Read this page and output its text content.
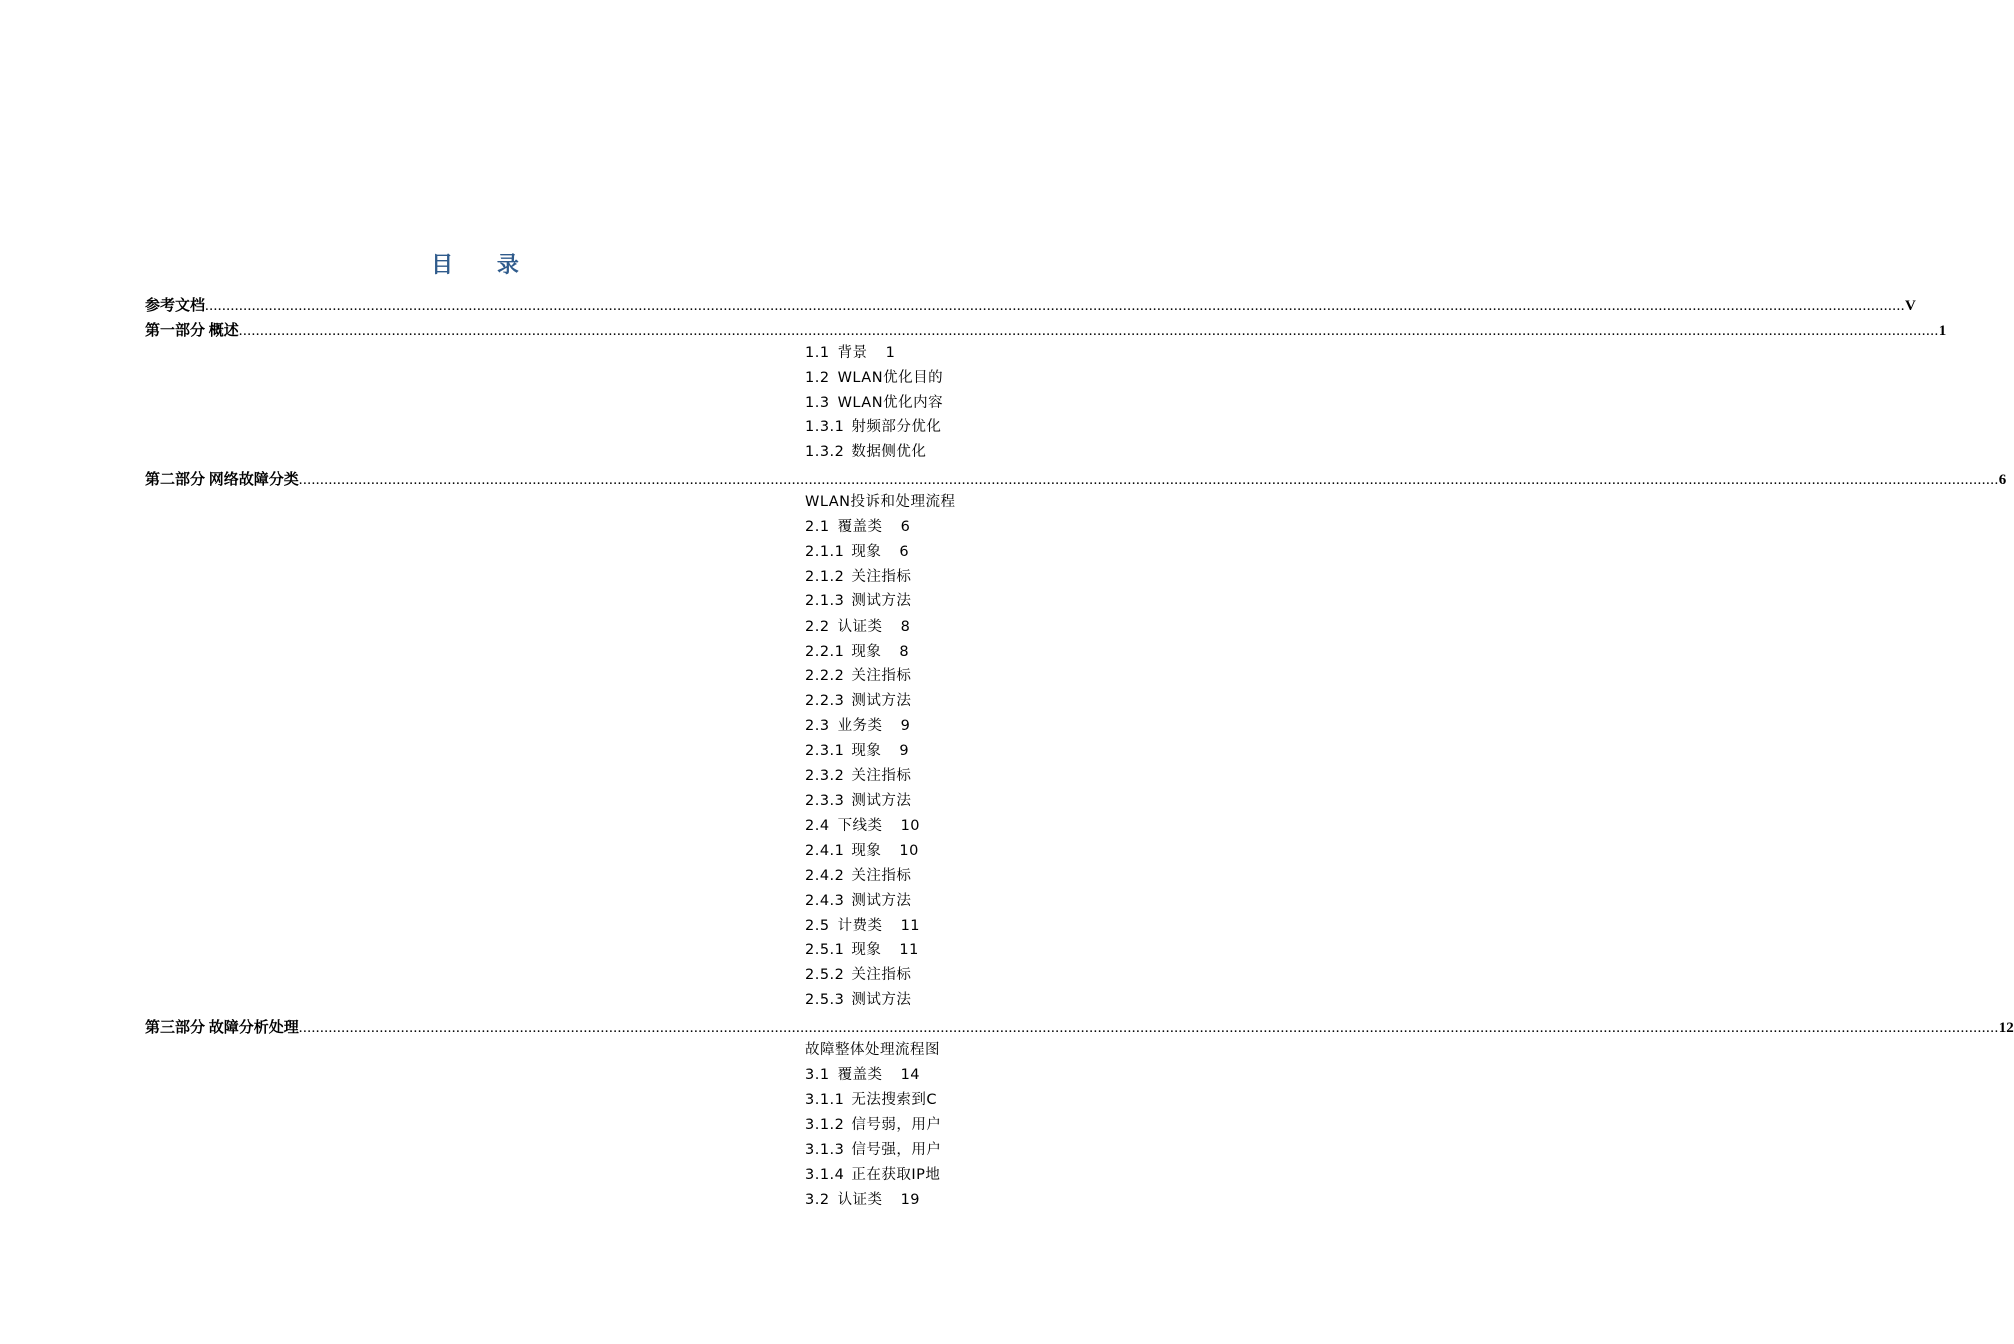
目 录
参考文档 ................................................................................................................................................................................................................................................................................................................................................................................................................ V
第一部分 概述 ................................................................................................................................................................................................................................................................................................................................................................................................................ 1
第二部分 网络故障分类 ................................................................................................................................................................................................................................................................................................................................................................................................................ 6
第三部分 故障分析处理 ................................................................................................................................................................................................................................................................................................................................................................................................................ 12
1.1 背景 1
1.2 WLAN优化目的
1.3 WLAN优化内容
1.3.1 射频部分优化
1.3.2 数据侧优化
WLAN投诉和处理流程
2.1 覆盖类 6
2.1.1 现象 6
2.1.2 关注指标
2.1.3 测试方法
2.2 认证类 8
2.2.1 现象 8
2.2.2 关注指标
2.2.3 测试方法
2.3 业务类 9
2.3.1 现象 9
2.3.2 关注指标
2.3.3 测试方法
2.4 下线类 10
2.4.1 现象 10
2.4.2 关注指标
2.4.3 测试方法
2.5 计费类 11
2.5.1 现象 11
2.5.2 关注指标
2.5.3 测试方法
故障整体处理流程图
3.1 覆盖类 14
3.1.1 无法搜索到C
3.1.2 信号弱，用户
3.1.3 信号强，用户
3.1.4 正在获取IP地
3.2 认证类 19
